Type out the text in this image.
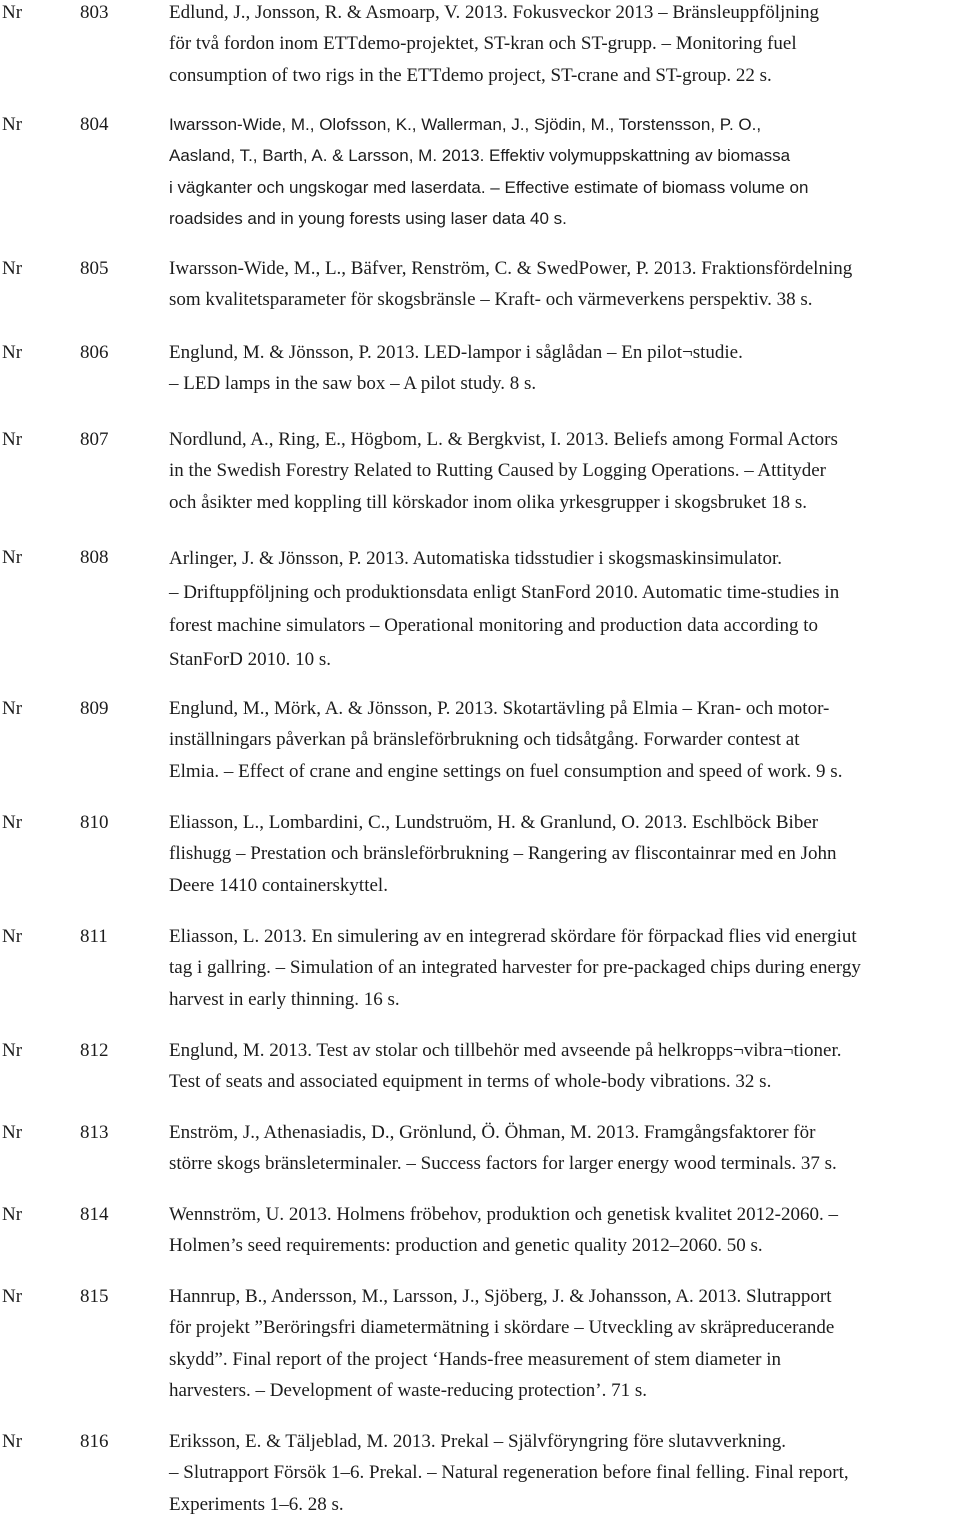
Nr	803	Edlund, J., Jonsson, R. & Asmoarp, V. 2013. Fokusveckor 2013 – Bränsleuppföljning
för två fordon inom ETTdemo-projektet, ST-kran och ST-grupp. – Monitoring fuel
consumption of two rigs in the ETTdemo project, ST-crane and ST-group. 22 s.
Nr	804	Iwarsson-Wide, M., Olofsson, K., Wallerman, J., Sjödin, M., Torstensson, P. O.,
Aasland, T., Barth, A. & Larsson, M. 2013. Effektiv volymuppskattning av biomassa
i vägkanter och ungskogar med laserdata. – Effective estimate of biomass volume on
roadsides and in young forests using laser data 40 s.
Nr	805	Iwarsson-Wide, M., L., Bäfver, Renström, C. & SwedPower, P. 2013. Fraktionsfördelning
som kvalitetsparameter för skogsbränsle – Kraft- och värmeverkens perspektiv. 38 s.
Nr	806	Englund, M. & Jönsson, P. 2013. LED-lampor i såglådan – En pilot¬studie.
– LED lamps in the saw box – A pilot study. 8 s.
Nr	807	Nordlund, A., Ring, E., Högbom, L. & Bergkvist, I. 2013. Beliefs among Formal Actors
in the Swedish Forestry Related to Rutting Caused by Logging Operations. – Attityder
och åsikter med koppling till körskador inom olika yrkesgrupper i skogsbruket 18 s.
Nr	808	Arlinger, J. & Jönsson, P. 2013. Automatiska tidsstudier i skogsmaskinsimulator.
– Driftuppföljning och produktionsdata enligt StanFord 2010. Automatic time-studies in
forest machine simulators – Operational monitoring and production data according to
StanForD 2010. 10 s.
Nr	809	Englund, M., Mörk, A. & Jönsson, P. 2013. Skotartävling på Elmia – Kran- och motor-
inställningars påverkan på bränsleförbrukning och tidsåtgång. Forwarder contest at
Elmia. – Effect of crane and engine settings on fuel consumption and speed of work. 9 s.
Nr	810	Eliasson, L., Lombardini, C., Lundstruöm, H. & Granlund, O. 2013. Eschlböck Biber
flishugg – Prestation och bränsleförbrukning – Rangering av fliscontainrar med en John
Deere 1410 containerskyttel.
Nr	811	Eliasson, L. 2013. En simulering av en integrerad skördare för förpackad flies vid energiut
tag i gallring. – Simulation of an integrated harvester for pre-packaged chips during energy
harvest in early thinning. 16 s.
Nr	812	Englund, M. 2013. Test av stolar och tillbehör med avseende på helkropps¬vibra¬tioner.
Test of seats and associated equipment in terms of whole-body vibrations. 32 s.
Nr	813	Enström, J., Athenasiadis, D., Grönlund, Ö. Öhman, M. 2013. Framgångsfaktorer för
större skogs bränsleterminaler. – Success factors for larger energy wood terminals. 37 s.
Nr	814	Wennström, U. 2013. Holmens fröbehov, produktion och genetisk kvalitet 2012-2060. –
Holmen’s seed requirements: production and genetic quality 2012–2060. 50 s.
Nr	815	Hannrup, B., Andersson, M., Larsson, J., Sjöberg, J. & Johansson, A. 2013. Slutrapport
för projekt ”Beröringsfri diametermätning i skördare – Utveckling av skräpreducerande
skydd”. Final report of the project ‘Hands-free measurement of stem diameter in
harvesters. – Development of waste-reducing protection’. 71 s.
Nr	816	Eriksson, E. & Täljeblad, M. 2013. Prekal – Självföryngring före slutavverkning.
– Slutrapport Försök 1–6. Prekal. – Natural regeneration before final felling. Final report,
Experiments 1–6. 28 s.
